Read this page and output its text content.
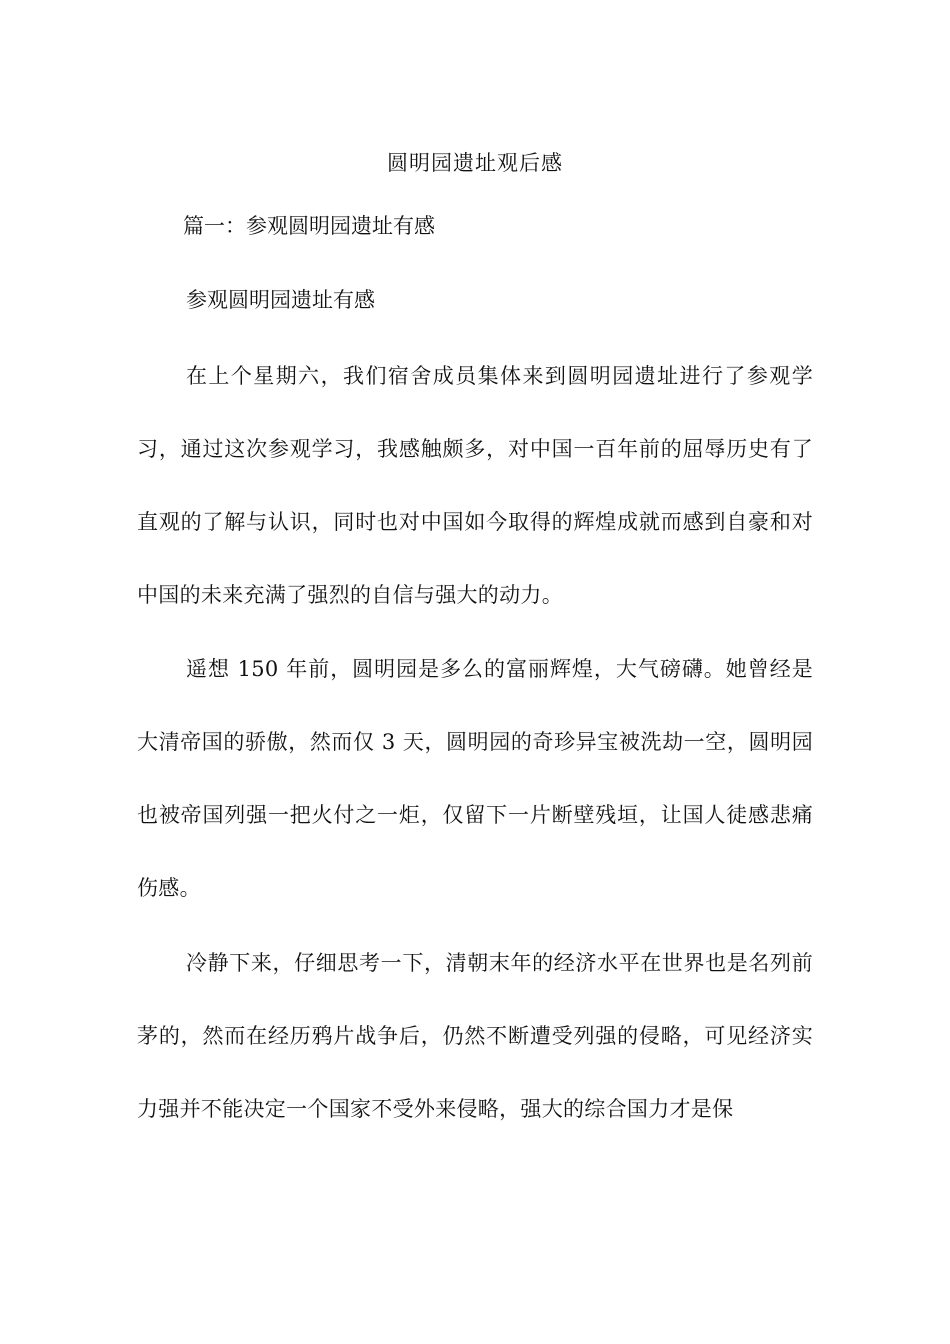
圆明园遗址观后感
篇一：参观圆明园遗址有感
参观圆明园遗址有感

在上个星期六，我们宿舍成员集体来到圆明园遗址进行了参观学习，通过这次参观学习，我感触颇多，对中国一百年前的屈辱历史有了直观的了解与认识，同时也对中国如今取得的辉煌成就而感到自豪和对中国的未来充满了强烈的自信与强大的动力。

遥想 150 年前，圆明园是多么的富丽辉煌，大气磅礴。她曾经是大清帝国的骄傲，然而仅 3 天，圆明园的奇珍异宝被洗劫一空，圆明园也被帝国列强一把火付之一炬，仅留下一片断壁残垣，让国人徒感悲痛伤感。

冷静下来，仔细思考一下，清朝末年的经济水平在世界也是名列前茅的，然而在经历鸦片战争后，仍然不断遭受列强的侵略，可见经济实力强并不能决定一个国家不受外来侵略，强大的综合国力才是保
